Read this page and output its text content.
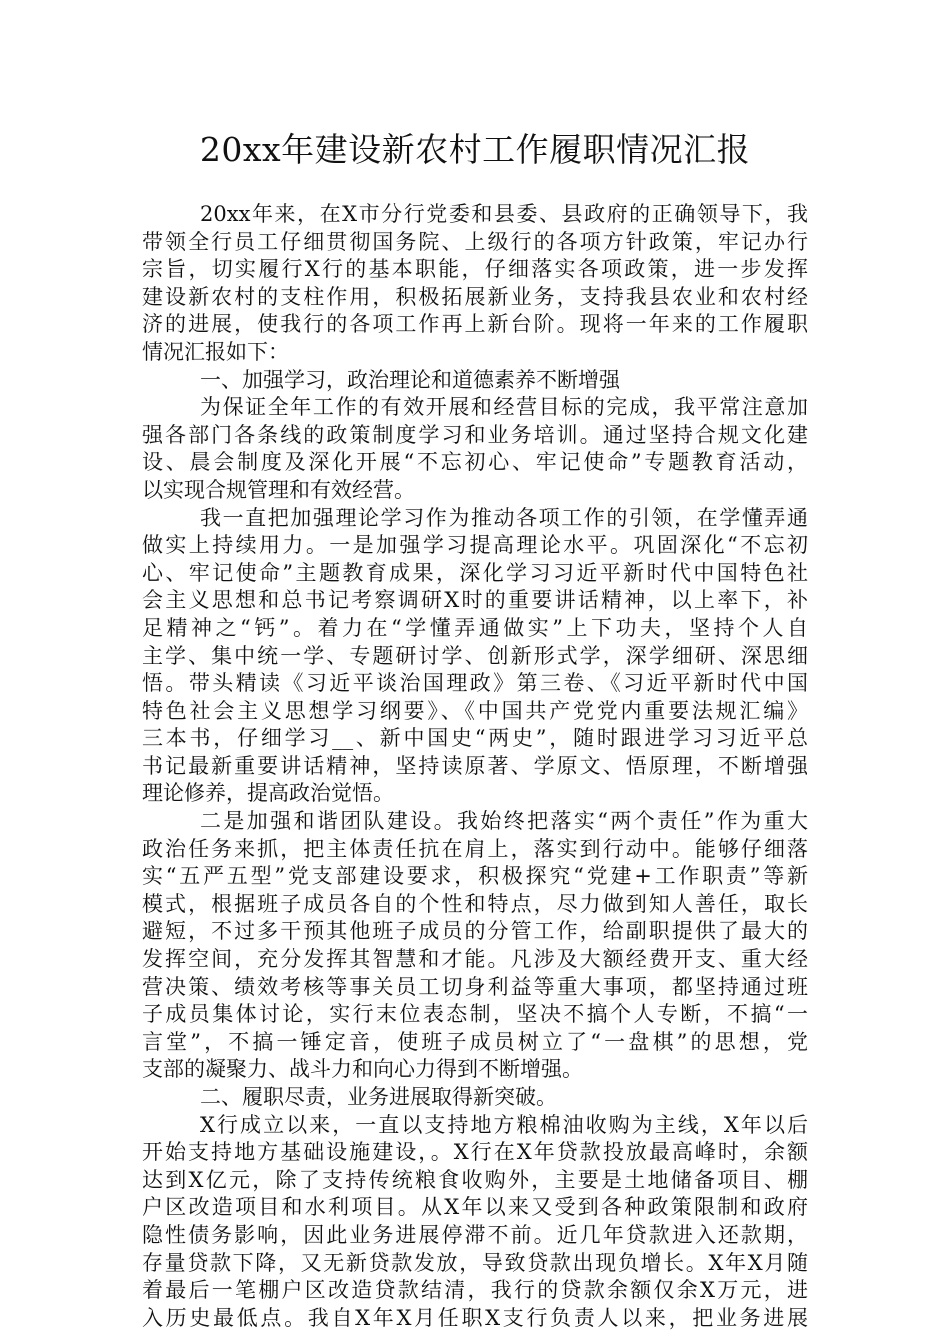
20xx年建设新农村工作履职情况汇报
20xx年来，在X市分行党委和县委、县政府的正确领导下，我
带领全行员工仔细贯彻国务院、上级行的各项方针政策，牢记办行
宗旨，切实履行X行的基本职能，仔细落实各项政策，进一步发挥
建设新农村的支柱作用，积极拓展新业务，支持我县农业和农村经
济的进展，使我行的各项工作再上新台阶。现将一年来的工作履职
情况汇报如下：
一、加强学习，政治理论和道德素养不断增强
为保证全年工作的有效开展和经营目标的完成，我平常注意加
强各部门各条线的政策制度学习和业务培训。通过坚持合规文化建
设、晨会制度及深化开展“不忘初心、牢记使命”专题教育活动，
以实现合规管理和有效经营。
我一直把加强理论学习作为推动各项工作的引领，在学懂弄通
做实上持续用力。一是加强学习提高理论水平。巩固深化“不忘初
心、牢记使命”主题教育成果，深化学习习近平新时代中国特色社
会主义思想和总书记考察调研X时的重要讲话精神，以上率下，补
足精神之“钙”。着力在“学懂弄通做实”上下功夫，坚持个人自
主学、集中统一学、专题研讨学、创新形式学，深学细研、深思细
悟。带头精读《习近平谈治国理政》第三卷、《习近平新时代中国
特色社会主义思想学习纲要》、《中国共产党党内重要法规汇编》
三本书，仔细学习__、新中国史“两史”，随时跟进学习习近平总
书记最新重要讲话精神，坚持读原著、学原文、悟原理，不断增强
理论修养，提高政治觉悟。
二是加强和谐团队建设。我始终把落实“两个责任”作为重大
政治任务来抓，把主体责任抗在肩上，落实到行动中。能够仔细落
实“五严五型”党支部建设要求，积极探究“党建+工作职责”等新
模式，根据班子成员各自的个性和特点，尽力做到知人善任，取长
避短，不过多干预其他班子成员的分管工作，给副职提供了最大的
发挥空间，充分发挥其智慧和才能。凡涉及大额经费开支、重大经
营决策、绩效考核等事关员工切身利益等重大事项，都坚持通过班
子成员集体讨论，实行末位表态制，坚决不搞个人专断，不搞“一
言堂”，不搞一锤定音，使班子成员树立了“一盘棋”的思想，党
支部的凝聚力、战斗力和向心力得到不断增强。
二、履职尽责，业务进展取得新突破。
X行成立以来，一直以支持地方粮棉油收购为主线，X年以后
开始支持地方基础设施建设，。X行在X年贷款投放最高峰时，余额
达到X亿元，除了支持传统粮食收购外，主要是土地储备项目、棚
户区改造项目和水利项目。从X年以来又受到各种政策限制和政府
隐性债务影响，因此业务进展停滞不前。近几年贷款进入还款期，
存量贷款下降，又无新贷款发放，导致贷款出现负增长。X年X月随
着最后一笔棚户区改造贷款结清，我行的贷款余额仅余X万元，进
入历史最低点。我自X年X月任职X支行负责人以来，把业务进展
